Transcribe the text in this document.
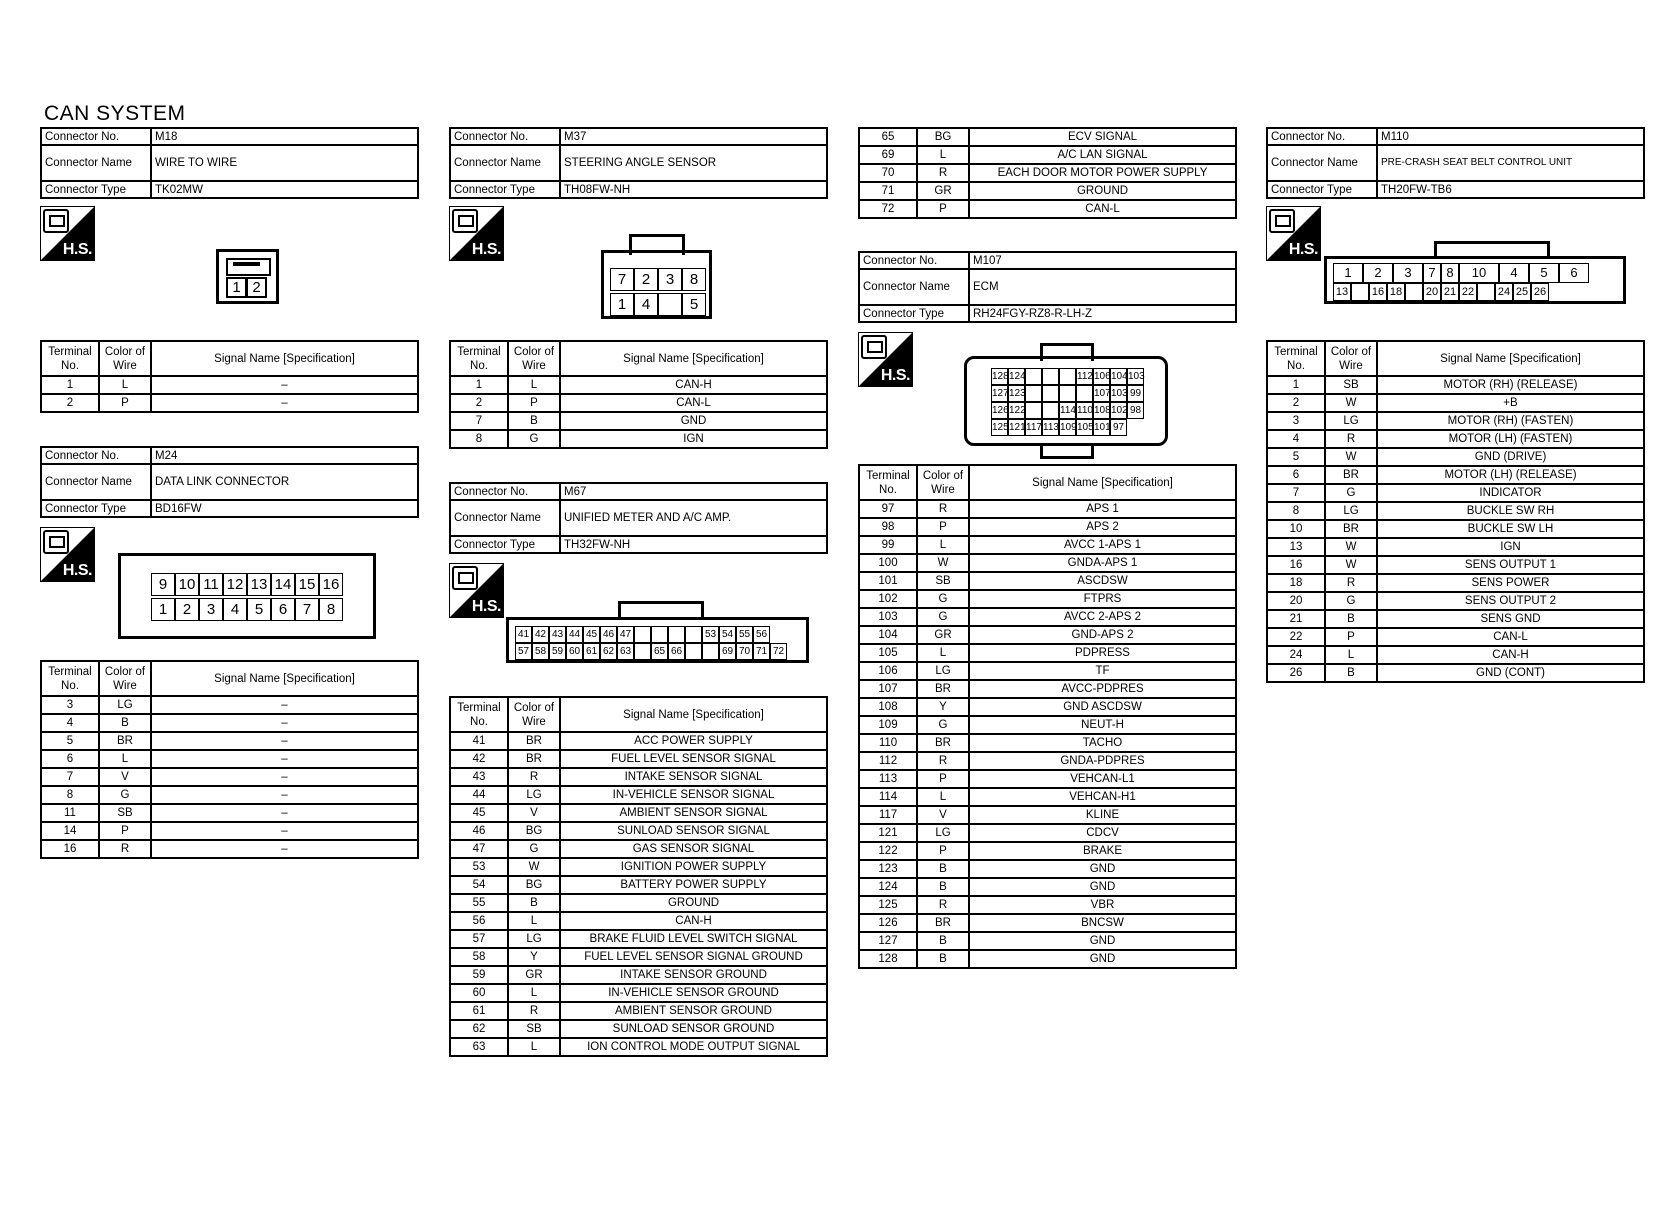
CAN SYSTEM
Connector No.	M18
Connector Name	WIRE TO WIRE
Connector Type	TK02MW
H.S.
1 2
Terminal No.	Color of Wire	Signal Name [Specification]
1	L	–
2	P	–
Connector No.	M24
Connector Name	DATA LINK CONNECTOR
Connector Type	BD16FW
H.S.
9 10 11 12 13 14 15 16
1	2	3	4	5	6	7	8
Terminal No.	Color of Wire	Signal Name [Specification]
3	LG	–
4	B	–
5	BR	–
6	L	–
7	V	–
8	G	–
11	SB	–
14	P	–
16	R	–
Connector No.	M37
Connector Name	STEERING ANGLE SENSOR
Connector Type	TH08FW-NH
H.S.
7	2	3	8
1	4	5
Terminal No.	Color of Wire	Signal Name [Specification]
1	L	CAN-H
2	P	CAN-L
7	B	GND
8	G	IGN
Connector No.	M67
Connector Name	UNIFIED METER AND A/C AMP.
Connector Type	TH32FW-NH
H.S.
41 42 43 44 45 46 47	53 54 55 56
57 58 59 60 61 62 63 65 66	69 70 71 72
Terminal No.	Color of Wire	Signal Name [Specification]
41	BR	ACC POWER SUPPLY
42	BR	FUEL LEVEL SENSOR SIGNAL
43	R	INTAKE SENSOR SIGNAL
44	LG	IN-VEHICLE SENSOR SIGNAL
45	V	AMBIENT SENSOR SIGNAL
46	BG	SUNLOAD SENSOR SIGNAL
47	G	GAS SENSOR SIGNAL
53	W	IGNITION POWER SUPPLY
54	BG	BATTERY POWER SUPPLY
55	B	GROUND
56	L	CAN-H
57	LG	BRAKE FLUID LEVEL SWITCH SIGNAL
58	Y	FUEL LEVEL SENSOR SIGNAL GROUND
59	GR	INTAKE SENSOR GROUND
60	L	IN-VEHICLE SENSOR GROUND
61	R	AMBIENT SENSOR GROUND
62	SB	SUNLOAD SENSOR GROUND
63	L	ION CONTROL MODE OUTPUT SIGNAL
65	BG	ECV SIGNAL
69	L	A/C LAN SIGNAL
70	R	EACH DOOR MOTOR POWER SUPPLY
71	GR	GROUND
72	P	CAN-L
Connector No.	M107
Connector Name	ECM
Connector Type	RH24FGY-RZ8-R-LH-Z
H.S.	128 124	112 106 104 103
127 123	107 103 99
126 122	114 110 108 102 98
125 121 117 113 109 105 101 97
Terminal No.	Color of Wire	Signal Name [Specification]
97	R	APS 1
98	P	APS 2
99	L	AVCC 1-APS 1
100	W	GNDA-APS 1
101	SB	ASCDSW
102	G	FTPRS
103	G	AVCC 2-APS 2
104	GR	GND-APS 2
105	L	PDPRESS
106	LG	TF
107	BR	AVCC-PDPRES
108	Y	GND ASCDSW
109	G	NEUT-H
110	BR	TACHO
112	R	GNDA-PDPRES
113	P	VEHCAN-L1
114	L	VEHCAN-H1
117	V	KLINE
121	LG	CDCV
122	P	BRAKE
123	B	GND
124	B	GND
125	R	VBR
126	BR	BNCSW
127	B	GND
128	B	GND
Connector No.	M110
Connector Name	PRE-CRASH SEAT BELT CONTROL UNIT
Connector Type	TH20FW-TB6
H.S.
1	2	3	7 8	10	4	5	6
13 16 18 20 21 22 24 25 26
Terminal No.	Color of Wire	Signal Name [Specification]
1	SB	MOTOR (RH) (RELEASE)
2	W	+B
3	LG	MOTOR (RH) (FASTEN)
4	R	MOTOR (LH) (FASTEN)
5	W	GND (DRIVE)
6	BR	MOTOR (LH) (RELEASE)
7	G	INDICATOR
8	LG	BUCKLE SW RH
10	BR	BUCKLE SW LH
13	W	IGN
16	W	SENS OUTPUT 1
18	R	SENS POWER
20	G	SENS OUTPUT 2
21	B	SENS GND
22	P	CAN-L
24	L	CAN-H
26	B	GND (CONT)
